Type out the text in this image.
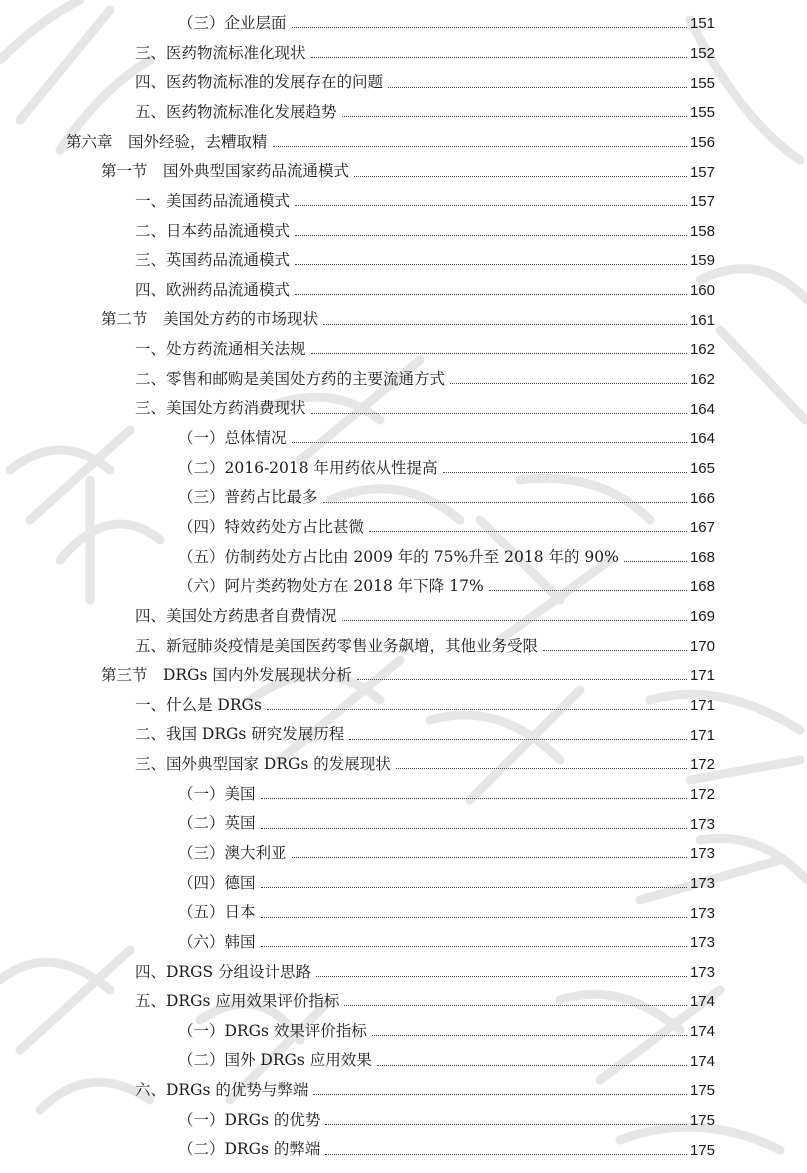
（三）企业层面	151
三、医药物流标准化现状	152
四、医药物流标准的发展存在的问题	155
五、医药物流标准化发展趋势	155
第六章　国外经验，去糟取精	156
第一节　国外典型国家药品流通模式	157
一、美国药品流通模式	157
二、日本药品流通模式	158
三、英国药品流通模式	159
四、欧洲药品流通模式	160
第二节　美国处方药的市场现状	161
一、处方药流通相关法规	162
二、零售和邮购是美国处方药的主要流通方式	162
三、美国处方药消费现状	164
（一）总体情况	164
（二）2016-2018 年用药依从性提高	165
（三）普药占比最多	166
（四）特效药处方占比甚微	167
（五）仿制药处方占比由 2009 年的 75%升至 2018 年的 90%	168
（六）阿片类药物处方在 2018 年下降 17%	168
四、美国处方药患者自费情况	169
五、新冠肺炎疫情是美国医药零售业务飙增，其他业务受限	170
第三节　DRGs 国内外发展现状分析	171
一、什么是 DRGs	171
二、我国 DRGs 研究发展历程	171
三、国外典型国家 DRGs 的发展现状	172
（一）美国	172
（二）英国	173
（三）澳大利亚	173
（四）德国	173
（五）日本	173
（六）韩国	173
四、DRGS 分组设计思路	173
五、DRGs 应用效果评价指标	174
（一）DRGs 效果评价指标	174
（二）国外 DRGs 应用效果	174
六、DRGs 的优势与弊端	175
（一）DRGs 的优势	175
（二）DRGs 的弊端	175
